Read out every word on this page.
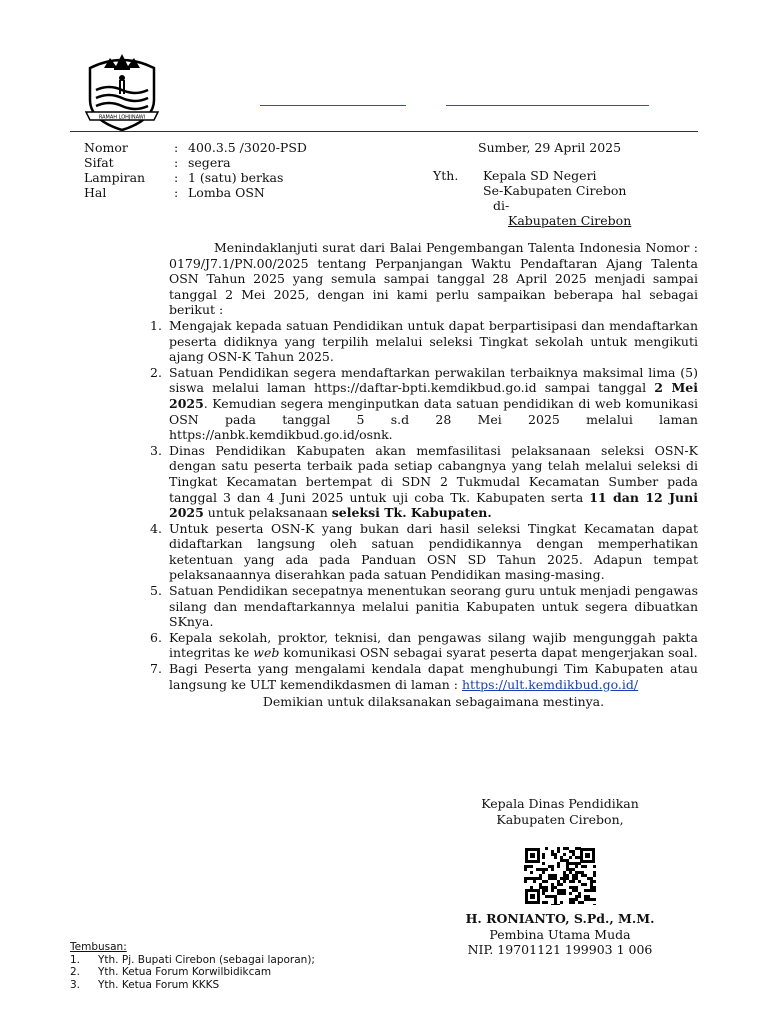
RAMAH LOHJINAWI
Nomor	: 400.3.5 /3020-PSD
Sifat	: segera
Lampiran	: 1 (satu) berkas
Hal	: Lomba OSN
Sumber, 29 April 2025
Yth. Kepala SD Negeri
Se-Kabupaten Cirebon
di-
Kabupaten Cirebon

Menindaklanjuti surat dari Balai Pengembangan Talenta Indonesia Nomor : 0179/J7.1/PN.00/2025 tentang Perpanjangan Waktu Pendaftaran Ajang Talenta OSN Tahun 2025 yang semula sampai tanggal 28 April 2025 menjadi sampai tanggal 2 Mei 2025, dengan ini kami perlu sampaikan beberapa hal sebagai berikut :

1. Mengajak kepada satuan Pendidikan untuk dapat berpartisipasi dan mendaftarkan peserta didiknya yang terpilih melalui seleksi Tingkat sekolah untuk mengikuti ajang OSN-K Tahun 2025.
2. Satuan Pendidikan segera mendaftarkan perwakilan terbaiknya maksimal lima (5) siswa melalui laman https://daftar-bpti.kemdikbud.go.id sampai tanggal 2 Mei 2025. Kemudian segera menginputkan data satuan pendidikan di web komunikasi OSN pada tanggal 5 s.d 28 Mei 2025 melalui laman https://anbk.kemdikbud.go.id/osnk.
3. Dinas Pendidikan Kabupaten akan memfasilitasi pelaksanaan seleksi OSN-K dengan satu peserta terbaik pada setiap cabangnya yang telah melalui seleksi di Tingkat Kecamatan bertempat di SDN 2 Tukmudal Kecamatan Sumber pada tanggal 3 dan 4 Juni 2025 untuk uji coba Tk. Kabupaten serta 11 dan 12 Juni 2025 untuk pelaksanaan seleksi Tk. Kabupaten.
4. Untuk peserta OSN-K yang bukan dari hasil seleksi Tingkat Kecamatan dapat didaftarkan langsung oleh satuan pendidikannya dengan memperhatikan ketentuan yang ada pada Panduan OSN SD Tahun 2025. Adapun tempat pelaksanaannya diserahkan pada satuan Pendidikan masing-masing.
5. Satuan Pendidikan secepatnya menentukan seorang guru untuk menjadi pengawas silang dan mendaftarkannya melalui panitia Kabupaten untuk segera dibuatkan SKnya.
6. Kepala sekolah, proktor, teknisi, dan pengawas silang wajib mengunggah pakta integritas ke web komunikasi OSN sebagai syarat peserta dapat mengerjakan soal.
7. Bagi Peserta yang mengalami kendala dapat menghubungi Tim Kabupaten atau langsung ke ULT kemendikdasmen di laman : https://ult.kemdikbud.go.id/
Demikian untuk dilaksanakan sebagaimana mestinya.
Kepala Dinas Pendidikan
Kabupaten Cirebon,
H. RONIANTO, S.Pd., M.M.
Pembina Utama Muda
NIP. 19701121 199903 1 006
Tembusan:
1.	Yth. Pj. Bupati Cirebon (sebagai laporan);
2.	Yth. Ketua Forum Korwilbidikcam
3.	Yth. Ketua Forum KKKS
